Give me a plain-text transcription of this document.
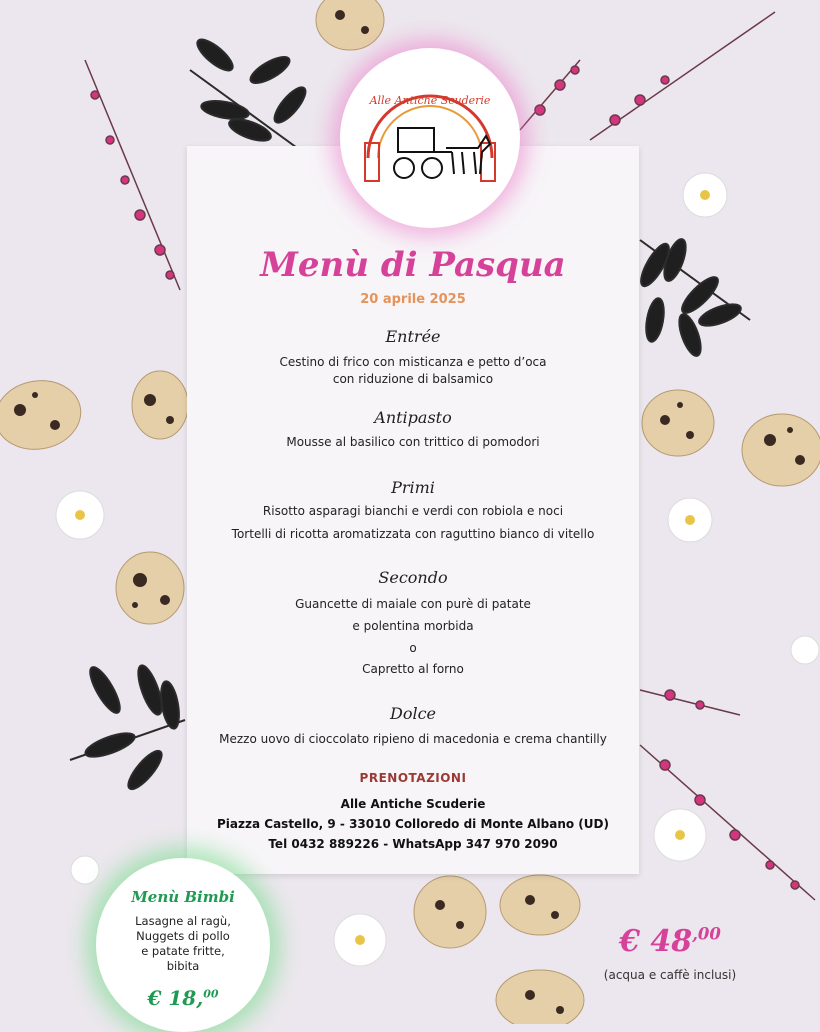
Alle Antiche Scuderie
Menù di Pasqua
20 aprile 2025
Entrée
Cestino di frico con misticanza e petto d’oca
con riduzione di balsamico
Antipasto
Mousse al basilico con trittico di pomodori
Primi
Risotto asparagi bianchi e verdi con robiola e noci
Tortelli di ricotta aromatizzata con raguttino bianco di vitello
Secondo
Guancette di maiale con purè di patate
e polentina morbida
o
Capretto al forno
Dolce
Mezzo uovo di cioccolato ripieno di macedonia e crema chantilly
PRENOTAZIONI
Alle Antiche Scuderie
Piazza Castello, 9 - 33010 Colloredo di Monte Albano (UD)
Tel 0432 889226 - WhatsApp 347 970 2090
Menù Bimbi
Lasagne al ragù,
Nuggets di pollo
e patate fritte,
bibita
€ 18,00
€ $48^{,00}$
(acqua e caffè inclusi)
